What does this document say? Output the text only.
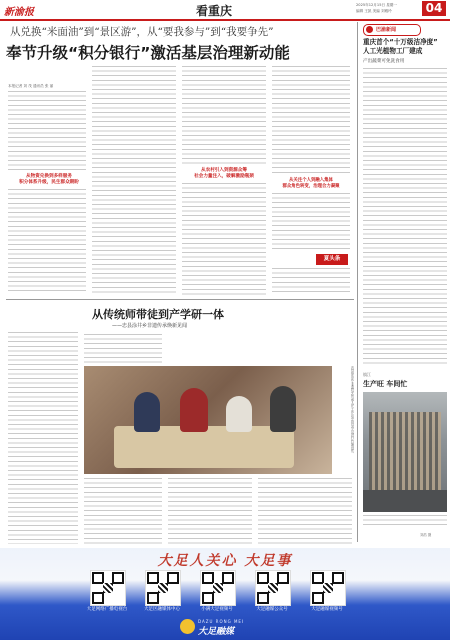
新渝报	看重庆	2025年12月15日 星期一
编辑 王凯 美编 刘雅玲	04
从兑换“米面油”到“景区游”，从“要我参与”到“我要争先”
奉节升级“积分银行”激活基层治理新动能
本报记者 刘 茂 通讯员 张 丽
从物资兑换到多样服务
积分体系升级，民生群众期盼
从农村引入到资源众筹
社会力量注入，破解激励瓶颈
从关注个人到融入集体
群众角色转变，治理合力凝聚
夏头条
巴渝新闻
重庆首个“十万级洁净度”
人工光植物工厂建成
产出蔬菜可免洗食用
镇江
生产旺 车间忙
刘浩 摄
从传统师带徒到产学研一体
——忠县涂井乡非遗传承焕新见闻
忠县涂井乡非遗技艺传承人在工作坊中指导学员进行竹编创作。
大足人关心 大足事
大足网络广播电视台	大足区融媒体中心	小满大足视频号	大足融媒公众号	大足融媒视频号
DAZU RONG MEI
大足融媒
